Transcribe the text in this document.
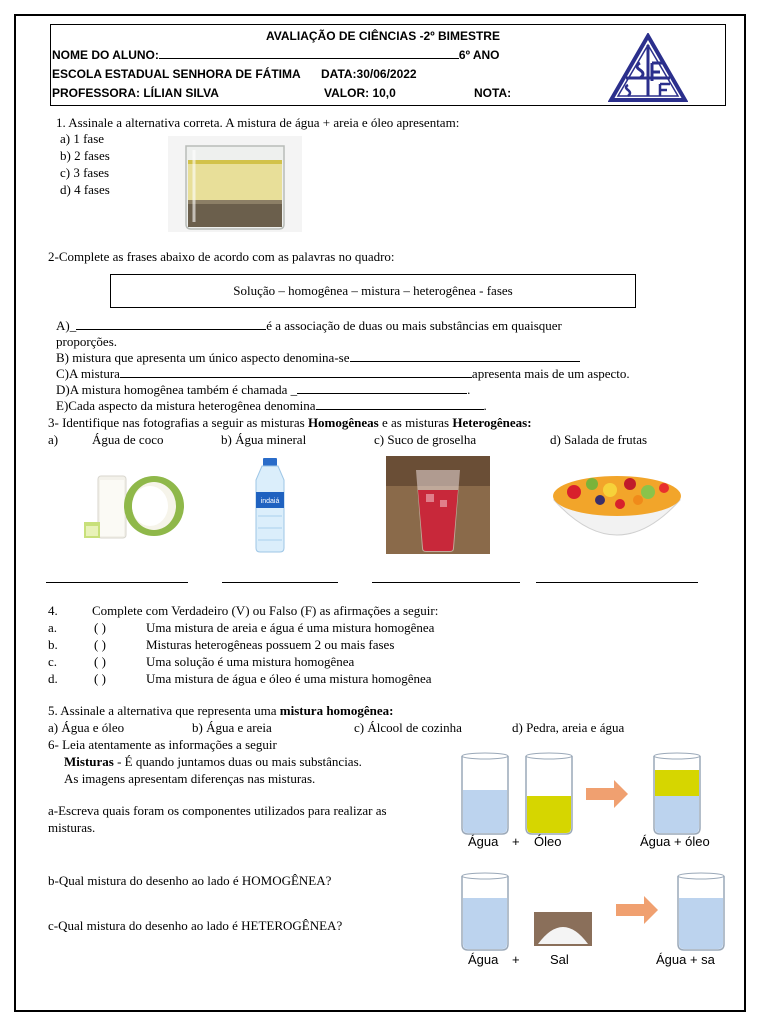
AVALIAÇÃO DE CIÊNCIAS -2º BIMESTRE
NOME DO ALUNO:	6º ANO
ESCOLA ESTADUAL SENHORA DE FÁTIMA DATA:30/06/2022
PROFESSORA: LÍLIAN SILVA	VALOR: 10,0	NOTA:
1. Assinale a alternativa correta. A mistura de água + areia e óleo apresentam:
a) 1 fase
b) 2 fases
c) 3 fases
d) 4 fases
2-Complete as frases abaixo de acordo com as palavras no quadro:
Solução – homogênea – mistura – heterogênea - fases
A)_	é a associação de duas ou mais substâncias em quaisquer
proporções.
B) mistura que apresenta um único aspecto denomina-se
C)A mistura	apresenta mais de um aspecto.
D)A mistura homogênea também é chamada _	.
E)Cada aspecto da mistura heterogênea denomina	.
3- Identifique nas fotografias a seguir as misturas Homogêneas e as misturas Heterogêneas:
a)	Água de coco	b) Água mineral	c) Suco de groselha	d) Salada de frutas
indaiá
4.	Complete com Verdadeiro (V) ou Falso (F) as afirmações a seguir:
a.	( )	Uma mistura de areia e água é uma mistura homogênea
b.	( )	Misturas heterogêneas possuem 2 ou mais fases
c.	( )	Uma solução é uma mistura homogênea
d.	( )	Uma mistura de água e óleo é uma mistura homogênea
5. Assinale a alternativa que representa uma mistura homogênea:
a) Água e óleo	b) Água e areia	c) Álcool de cozinha	d) Pedra, areia e água
6- Leia atentamente as informações a seguir
Misturas - É quando juntamos duas ou mais substâncias.
As imagens apresentam diferenças nas misturas.
a-Escreva quais foram os componentes utilizados para realizar as
misturas.
b-Qual mistura do desenho ao lado é HOMOGÊNEA?
c-Qual mistura do desenho ao lado é HETEROGÊNEA?
Água + Óleo	Água + óleo
Água + Sal	Água + sa
